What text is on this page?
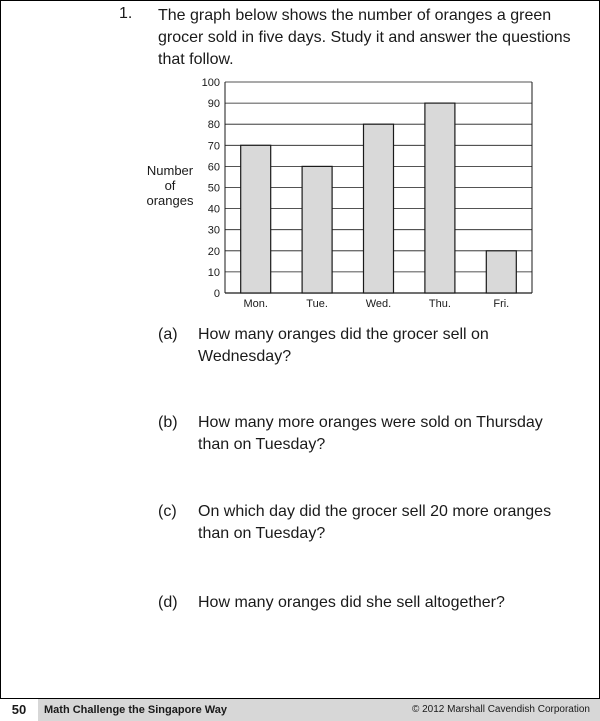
1. The graph below shows the number of oranges a green grocer sold in five days. Study it and answer the questions that follow.
0
10
20
30
40
50
60
70
80
90
100
Mon.	Tue.	Wed.	Thu.	Fri.
Number
of
oranges
(a)	How many oranges did the grocer sell on Wednesday?
(b)	How many more oranges were sold on Thursday than on Tuesday?
(c)	On which day did the grocer sell 20 more oranges than on Tuesday?
(d)	How many oranges did she sell altogether?
50	Math Challenge the Singapore Way	© 2012 Marshall Cavendish Corporation
